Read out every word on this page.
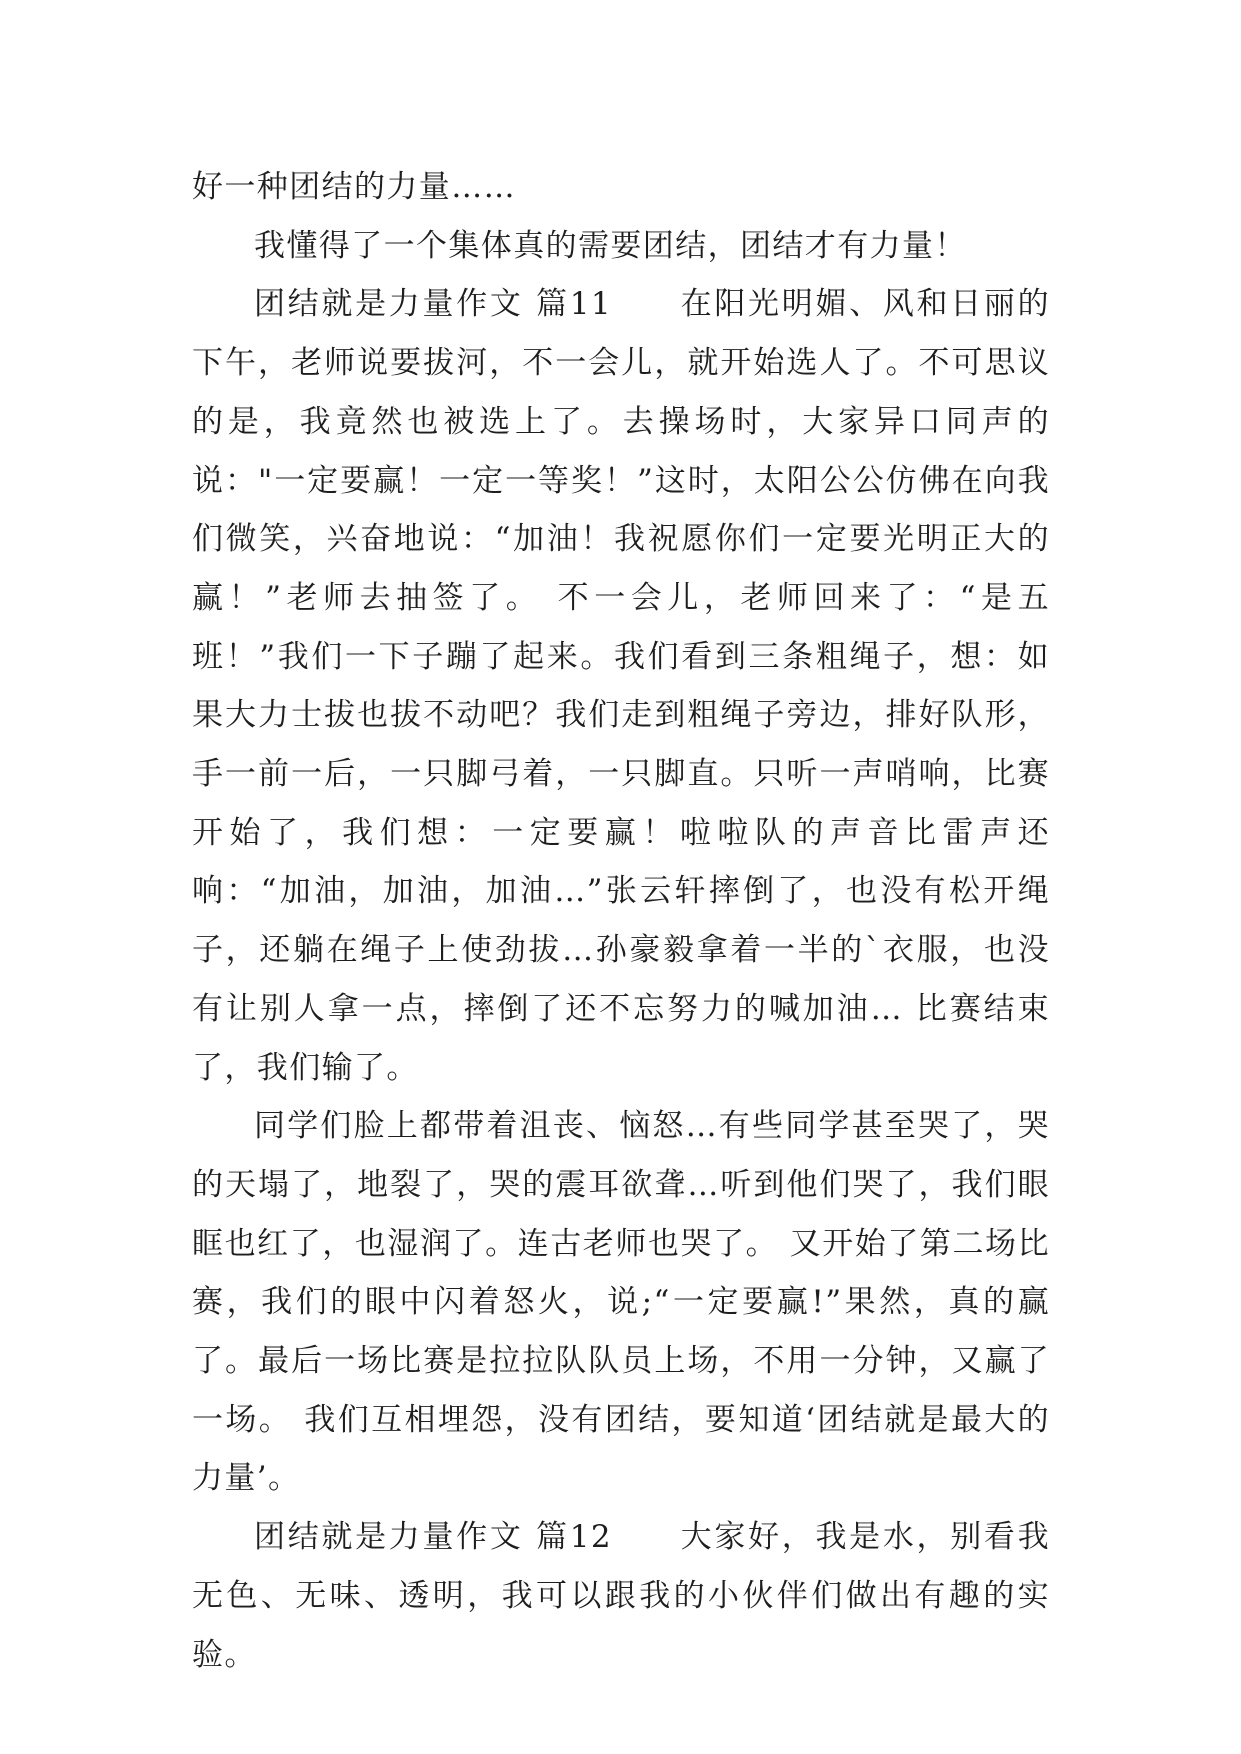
好一种团结的力量……

我懂得了一个集体真的需要团结，团结才有力量！

团结就是力量作文 篇11　　在阳光明媚、风和日丽的下午，老师说要拔河，不一会儿，就开始选人了。不可思议的是，我竟然也被选上了。去操场时，大家异口同声的说："一定要赢！一定一等奖！”这时，太阳公公仿佛在向我们微笑，兴奋地说：“加油！我祝愿你们一定要光明正大的赢！”老师去抽签了。 不一会儿，老师回来了：“是五班！”我们一下子蹦了起来。我们看到三条粗绳子，想：如果大力士拔也拔不动吧？我们走到粗绳子旁边，排好队形，手一前一后，一只脚弓着，一只脚直。只听一声哨响，比赛开始了，我们想：一定要赢！啦啦队的声音比雷声还响：“加油，加油，加油…”张云轩摔倒了，也没有松开绳子，还躺在绳子上使劲拔…孙豪毅拿着一半的`衣服，也没有让别人拿一点，摔倒了还不忘努力的喊加油… 比赛结束了，我们输了。

同学们脸上都带着沮丧、恼怒…有些同学甚至哭了，哭的天塌了，地裂了，哭的震耳欲聋…听到他们哭了，我们眼眶也红了，也湿润了。连古老师也哭了。 又开始了第二场比赛，我们的眼中闪着怒火，说;“一定要赢!”果然，真的赢了。最后一场比赛是拉拉队队员上场，不用一分钟，又赢了一场。 我们互相埋怨，没有团结，要知道‘团结就是最大的力量’。

团结就是力量作文 篇12　　大家好，我是水，别看我无色、无味、透明，我可以跟我的小伙伴们做出有趣的实验。
